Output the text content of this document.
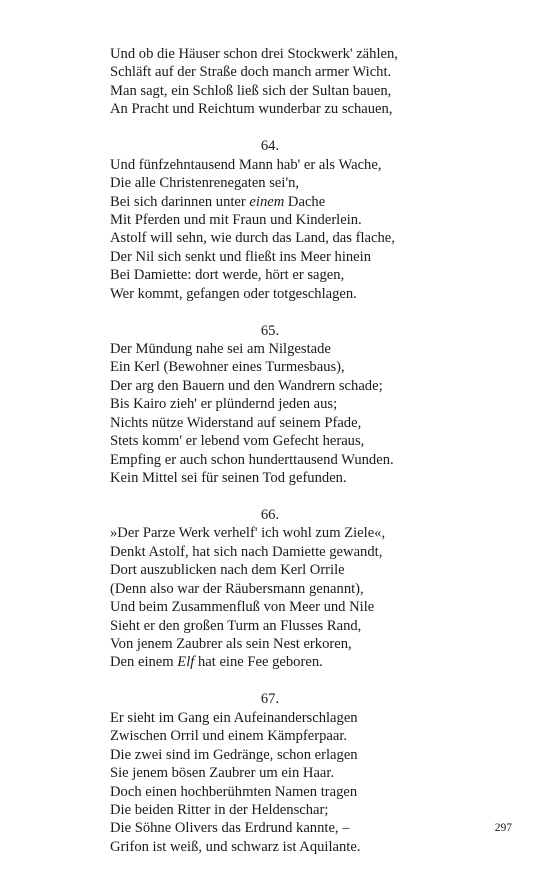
Und ob die Häuser schon drei Stockwerk' zählen,
Schläft auf der Straße doch manch armer Wicht.
Man sagt, ein Schloß ließ sich der Sultan bauen,
An Pracht und Reichtum wunderbar zu schauen,
64.
Und fünfzehntausend Mann hab' er als Wache,
Die alle Christenrenegaten sei'n,
Bei sich darinnen unter einem Dache
Mit Pferden und mit Fraun und Kinderlein.
Astolf will sehn, wie durch das Land, das flache,
Der Nil sich senkt und fließt ins Meer hinein
Bei Damiette: dort werde, hört er sagen,
Wer kommt, gefangen oder totgeschlagen.
65.
Der Mündung nahe sei am Nilgestade
Ein Kerl (Bewohner eines Turmesbaus),
Der arg den Bauern und den Wandrern schade;
Bis Kairo zieh' er plündernd jeden aus;
Nichts nütze Widerstand auf seinem Pfade,
Stets komm' er lebend vom Gefecht heraus,
Empfing er auch schon hunderttausend Wunden.
Kein Mittel sei für seinen Tod gefunden.
66.
»Der Parze Werk verhelf' ich wohl zum Ziele«,
Denkt Astolf, hat sich nach Damiette gewandt,
Dort auszublicken nach dem Kerl Orrile
(Denn also war der Räubersmann genannt),
Und beim Zusammenfluß von Meer und Nile
Sieht er den großen Turm an Flusses Rand,
Von jenem Zaubrer als sein Nest erkoren,
Den einem Elf hat eine Fee geboren.
67.
Er sieht im Gang ein Aufeinanderschlagen
Zwischen Orril und einem Kämpferpaar.
Die zwei sind im Gedränge, schon erlagen
Sie jenem bösen Zaubrer um ein Haar.
Doch einen hochberühmten Namen tragen
Die beiden Ritter in der Heldenschar;
Die Söhne Olivers das Erdrund kannte, –
Grifon ist weiß, und schwarz ist Aquilante.
297
